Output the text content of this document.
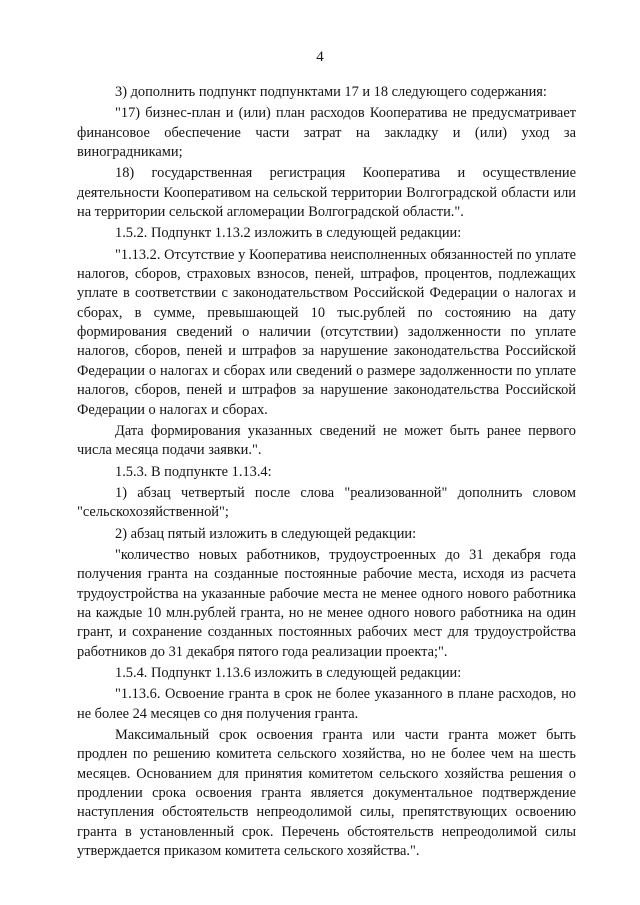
4

3) дополнить подпункт подпунктами 17 и 18 следующего содержания:

"17) бизнес-план и (или) план расходов Кооператива не предусматривает финансовое обеспечение части затрат на закладку и (или) уход за виноградниками;

18) государственная регистрация Кооператива и осуществление деятельности Кооперативом на сельской территории Волгоградской области или на территории сельской агломерации Волгоградской области.".

1.5.2. Подпункт 1.13.2 изложить в следующей редакции:

"1.13.2. Отсутствие у Кооператива неисполненных обязанностей по уплате налогов, сборов, страховых взносов, пеней, штрафов, процентов, подлежащих уплате в соответствии с законодательством Российской Федерации о налогах и сборах, в сумме, превышающей 10 тыс.рублей по состоянию на дату формирования сведений о наличии (отсутствии) задолженности по уплате налогов, сборов, пеней и штрафов за нарушение законодательства Российской Федерации о налогах и сборах или сведений о размере задолженности по уплате налогов, сборов, пеней и штрафов за нарушение законодательства Российской Федерации о налогах и сборах.

Дата формирования указанных сведений не может быть ранее первого числа месяца подачи заявки.".

1.5.3. В подпункте 1.13.4:

1) абзац четвертый после слова "реализованной" дополнить словом "сельскохозяйственной";

2) абзац пятый изложить в следующей редакции:

"количество новых работников, трудоустроенных до 31 декабря года получения гранта на созданные постоянные рабочие места, исходя из расчета трудоустройства на указанные рабочие места не менее одного нового работника на каждые 10 млн.рублей гранта, но не менее одного нового работника на один грант, и сохранение созданных постоянных рабочих мест для трудоустройства работников до 31 декабря пятого года реализации проекта;".

1.5.4. Подпункт 1.13.6 изложить в следующей редакции:

"1.13.6. Освоение гранта в срок не более указанного в плане расходов, но не более 24 месяцев со дня получения гранта.

Максимальный срок освоения гранта или части гранта может быть продлен по решению комитета сельского хозяйства, но не более чем на шесть месяцев. Основанием для принятия комитетом сельского хозяйства решения о продлении срока освоения гранта является документальное подтверждение наступления обстоятельств непреодолимой силы, препятствующих освоению гранта в установленный срок. Перечень обстоятельств непреодолимой силы утверждается приказом комитета сельского хозяйства.".
